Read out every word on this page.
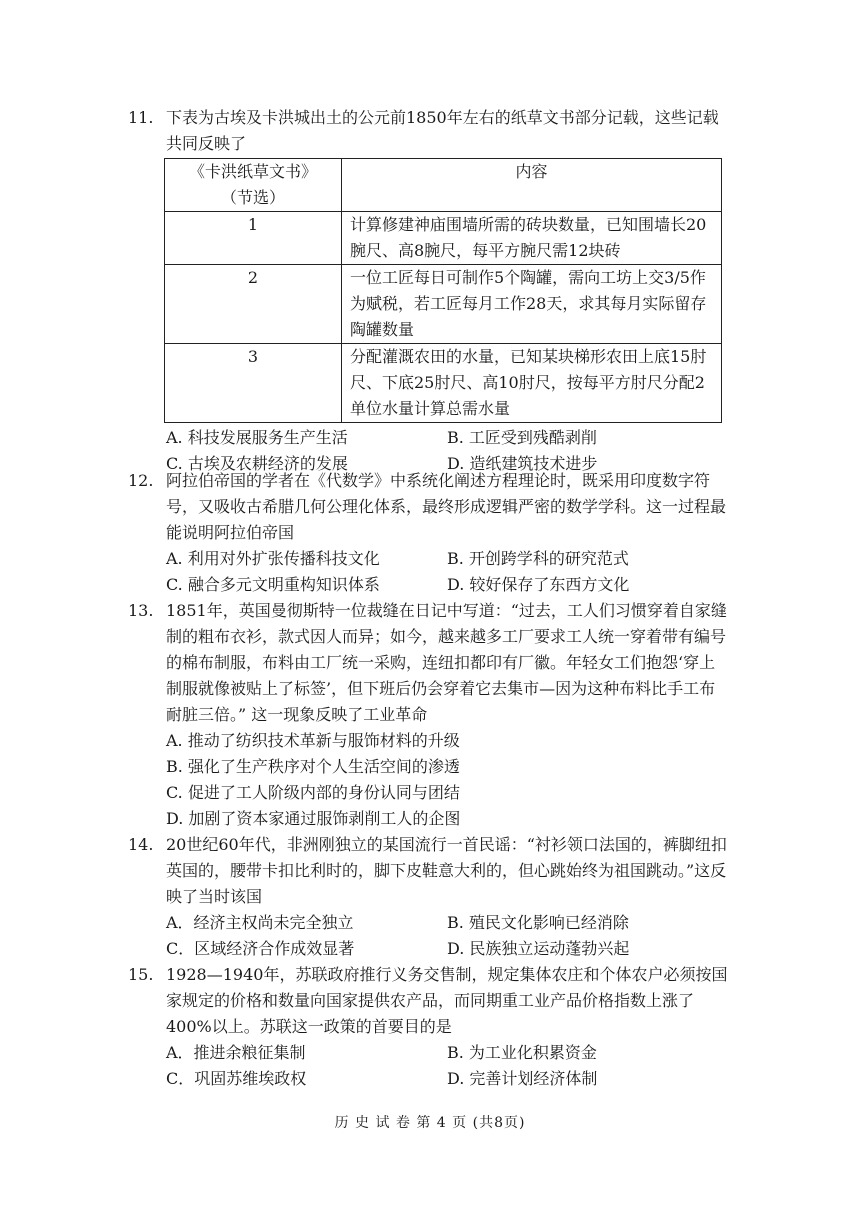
11. 下表为古埃及卡洪城出土的公元前1850年左右的纸草文书部分记载，这些记载共同反映了
《卡洪纸草文书》（节选）	内容
1	计算修建神庙围墙所需的砖块数量，已知围墙长20腕尺、高8腕尺，每平方腕尺需12块砖
2	一位工匠每日可制作5个陶罐，需向工坊上交3/5作为赋税，若工匠每月工作28天，求其每月实际留存陶罐数量
3	分配灌溉农田的水量，已知某块梯形农田上底15肘尺、下底25肘尺、高10肘尺，按每平方肘尺分配2单位水量计算总需水量
A. 科技发展服务生产生活	B. 工匠受到残酷剥削
C. 古埃及农耕经济的发展	D. 造纸建筑技术进步
12. 阿拉伯帝国的学者在《代数学》中系统化阐述方程理论时，既采用印度数字符号，又吸收古希腊几何公理化体系，最终形成逻辑严密的数学学科。这一过程最能说明阿拉伯帝国
A. 利用对外扩张传播科技文化	B. 开创跨学科的研究范式
C. 融合多元文明重构知识体系	D. 较好保存了东西方文化
13. 1851年，英国曼彻斯特一位裁缝在日记中写道：“过去，工人们习惯穿着自家缝制的粗布衣衫，款式因人而异；如今，越来越多工厂要求工人统一穿着带有编号的棉布制服，布料由工厂统一采购，连纽扣都印有厂徽。年轻女工们抱怨‘穿上制服就像被贴上了标签’，但下班后仍会穿着它去集市—因为这种布料比手工布耐脏三倍。” 这一现象反映了工业革命
A. 推动了纺织技术革新与服饰材料的升级
B. 强化了生产秩序对个人生活空间的渗透
C. 促进了工人阶级内部的身份认同与团结
D. 加剧了资本家通过服饰剥削工人的企图
14. 20世纪60年代，非洲刚独立的某国流行一首民谣：“衬衫领口法国的，裤脚纽扣英国的，腰带卡扣比利时的，脚下皮鞋意大利的，但心跳始终为祖国跳动。”这反映了当时该国
A．经济主权尚未完全独立	B. 殖民文化影响已经消除
C．区域经济合作成效显著	D. 民族独立运动蓬勃兴起
15. 1928—1940年，苏联政府推行义务交售制，规定集体农庄和个体农户必须按国家规定的价格和数量向国家提供农产品，而同期重工业产品价格指数上涨了400%以上。苏联这一政策的首要目的是
A．推进余粮征集制	B. 为工业化积累资金
C．巩固苏维埃政权	D. 完善计划经济体制
历 史 试 卷 第 4 页 (共8页)
